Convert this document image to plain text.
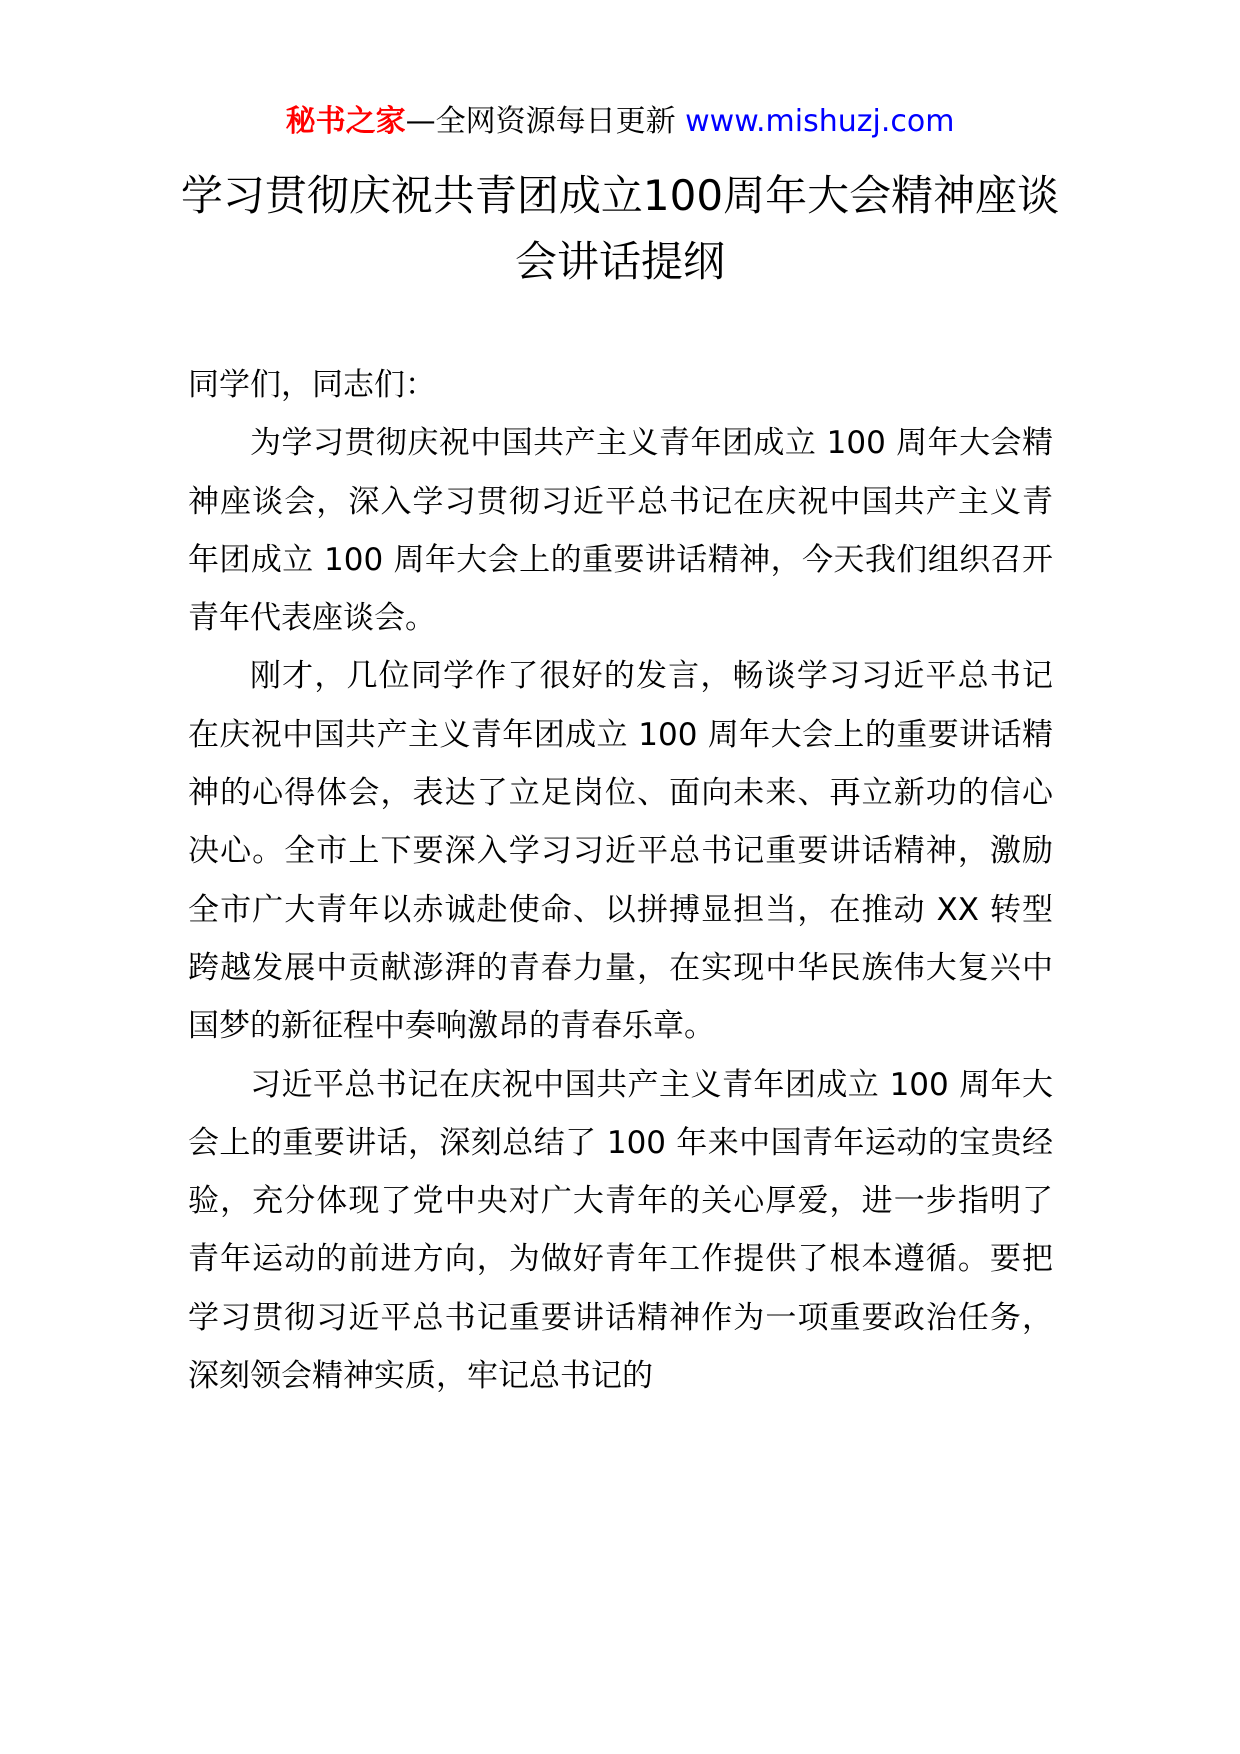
秘书之家—全网资源每日更新 www.mishuzj.com
学习贯彻庆祝共青团成立100周年大会精神座谈会讲话提纲

同学们，同志们：

为学习贯彻庆祝中国共产主义青年团成立 100 周年大会精神座谈会，深入学习贯彻习近平总书记在庆祝中国共产主义青年团成立 100 周年大会上的重要讲话精神，今天我们组织召开青年代表座谈会。

刚才，几位同学作了很好的发言，畅谈学习习近平总书记在庆祝中国共产主义青年团成立 100 周年大会上的重要讲话精神的心得体会，表达了立足岗位、面向未来、再立新功的信心决心。全市上下要深入学习习近平总书记重要讲话精神，激励全市广大青年以赤诚赴使命、以拼搏显担当，在推动 XX 转型跨越发展中贡献澎湃的青春力量，在实现中华民族伟大复兴中国梦的新征程中奏响激昂的青春乐章。

习近平总书记在庆祝中国共产主义青年团成立 100 周年大会上的重要讲话，深刻总结了 100 年来中国青年运动的宝贵经验，充分体现了党中央对广大青年的关心厚爱，进一步指明了青年运动的前进方向，为做好青年工作提供了根本遵循。要把学习贯彻习近平总书记重要讲话精神作为一项重要政治任务，深刻领会精神实质，牢记总书记的
